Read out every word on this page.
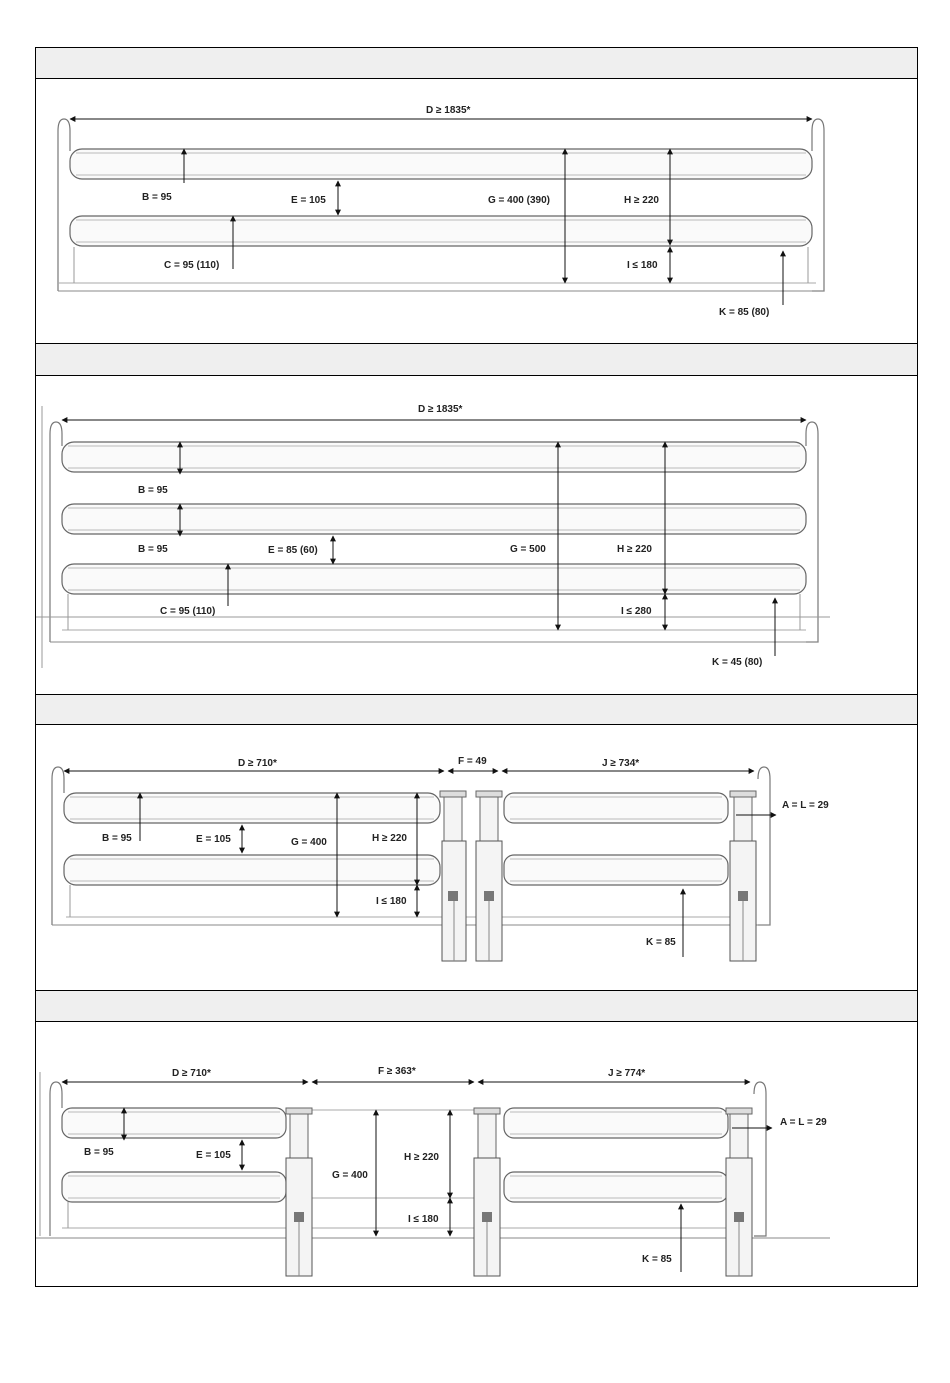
D ≥ 1835*
B = 95	E = 105	G = 400 (390)	H ≥ 220
C = 95 (110)	I ≤ 180
K = 85 (80)
D ≥ 1835*
B = 95
B = 95	E = 85 (60)	G = 500	H ≥ 220
C = 95 (110)	I ≤ 280
K = 45 (80)
D ≥ 710*	F = 49	J ≥ 734*
A = L = 29
B = 95	E = 105	G = 400	H ≥ 220
I ≤ 180
K = 85
D ≥ 710*	F ≥ 363*	J ≥ 774*
A = L = 29
B = 95	E = 105
G = 400
H ≥ 220
I ≤ 180
K = 85
